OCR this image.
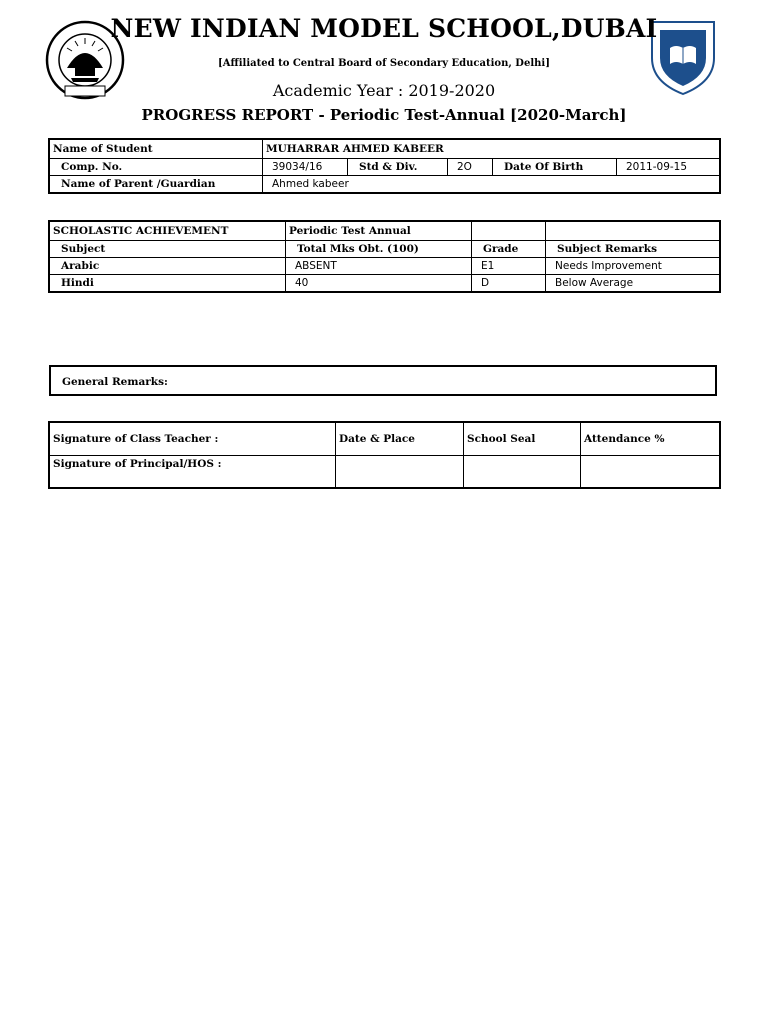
NEW INDIAN MODEL SCHOOL,DUBAI
[Affiliated to Central Board of Secondary Education, Delhi]
Academic Year : 2019-2020
PROGRESS REPORT - Periodic Test-Annual [2020-March]
Name of Student	MUHARRAR AHMED KABEER				
Comp. No.	39034/16	Std & Div.	2O	Date Of Birth	2011-09-15
Name of Parent /Guardian	Ahmed kabeer				
SCHOLASTIC ACHIEVEMENT	Periodic Test Annual		
Subject	Total Mks Obt. (100)	Grade	Subject Remarks
Arabic	ABSENT	E1	Needs Improvement
Hindi	40	D	Below Average
General Remarks:
Signature of Class Teacher :	Date & Place	School Seal	Attendance %
Signature of Principal/HOS :			
